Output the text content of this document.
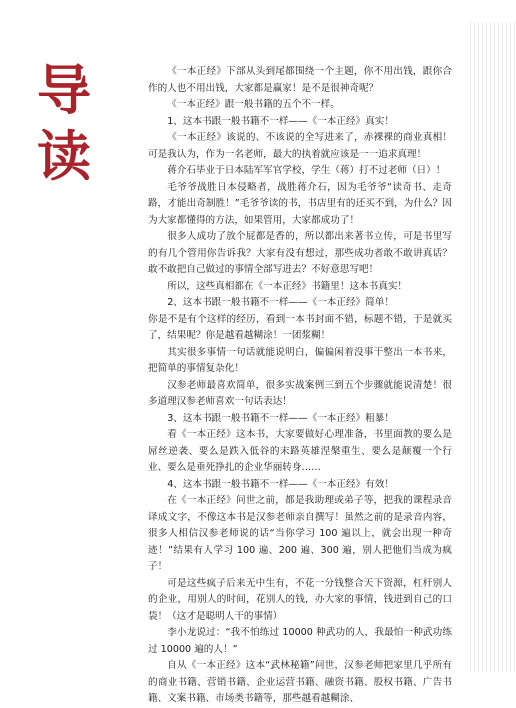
导
读

《一本正经》下部从头到尾都围绕一个主题，你不用出钱，跟你合作的人也不用出钱，大家都是赢家！是不是很神奇呢？

《一本正经》跟一般书籍的五个不一样。

1、这本书跟一般书籍不一样——《一本正经》真实！

《一本正经》该说的、不该说的全写进来了，赤裸裸的商业真相！可是我认为，作为一名老师，最大的执着就应该是一一追求真理！

蒋介石毕业于日本陆军军官学校，学生（蒋）打不过老师（日）！

毛爷爷战胜日本侵略者，战胜蒋介石，因为毛爷爷“读奇书、走奇路，才能出奇制胜！”毛爷爷读的书，书店里有的还买不到，为什么？因为大家都懂得的方法，如果管用，大家都成功了！

很多人成功了放个屁都是香的，所以都出来著书立传，可是书里写的有几个管用你告诉我？大家有没有想过，那些成功者敢不敢讲真话？敢不敢把自己做过的事情全部写进去？不好意思写吧！

所以，这些真相都在《一本正经》书籍里！这本书真实！

2、这本书跟一般书籍不一样——《一本正经》简单！

你是不是有个这样的经历，看到一本书封面不错，标题不错，于是就买了，结果呢？你是越看越糊涂！一团浆糊！

其实很多事情一句话就能说明白，偏偏闲着没事干整出一本书来，把简单的事情复杂化！

汉参老师最喜欢简单，很多实战案例三到五个步骤就能说清楚！很多道理汉参老师喜欢一句话表达！

3、这本书跟一般书籍不一样——《一本正经》粗暴！

看《一本正经》这本书，大家要做好心理准备，书里面教的要么是屌丝逆袭、要么是跌入低谷的末路英雄涅槃重生、要么是颠覆一个行业、要么是垂死挣扎的企业华丽转身……

4、这本书跟一般书籍不一样——《一本正经》有效！

在《一本正经》问世之前，都是我助理或弟子等，把我的课程录音译成文字，不像这本书是汉参老师亲自撰写！虽然之前的是录音内容，很多人相信汉参老师说的话“当你学习 100 遍以上，就会出现一种奇迹！”结果有人学习 100 遍、200 遍、300 遍，别人把他们当成为疯子！

可是这些疯子后来无中生有，不花一分钱整合天下资源，杠杆别人的企业，用别人的时间，花别人的钱，办大家的事情，钱进到自己的口袋！（这才是聪明人干的事情）

李小龙说过：“我不怕练过 10000 种武功的人，我最怕一种武功练过 10000 遍的人！”

自从《一本正经》这本“武林秘籍”问世，汉参老师把家里几乎所有的商业书籍、营销书籍、企业运营书籍、融资书籍、股权书籍、广告书籍、文案书籍、市场类书籍等，那些越看越糊涂、
